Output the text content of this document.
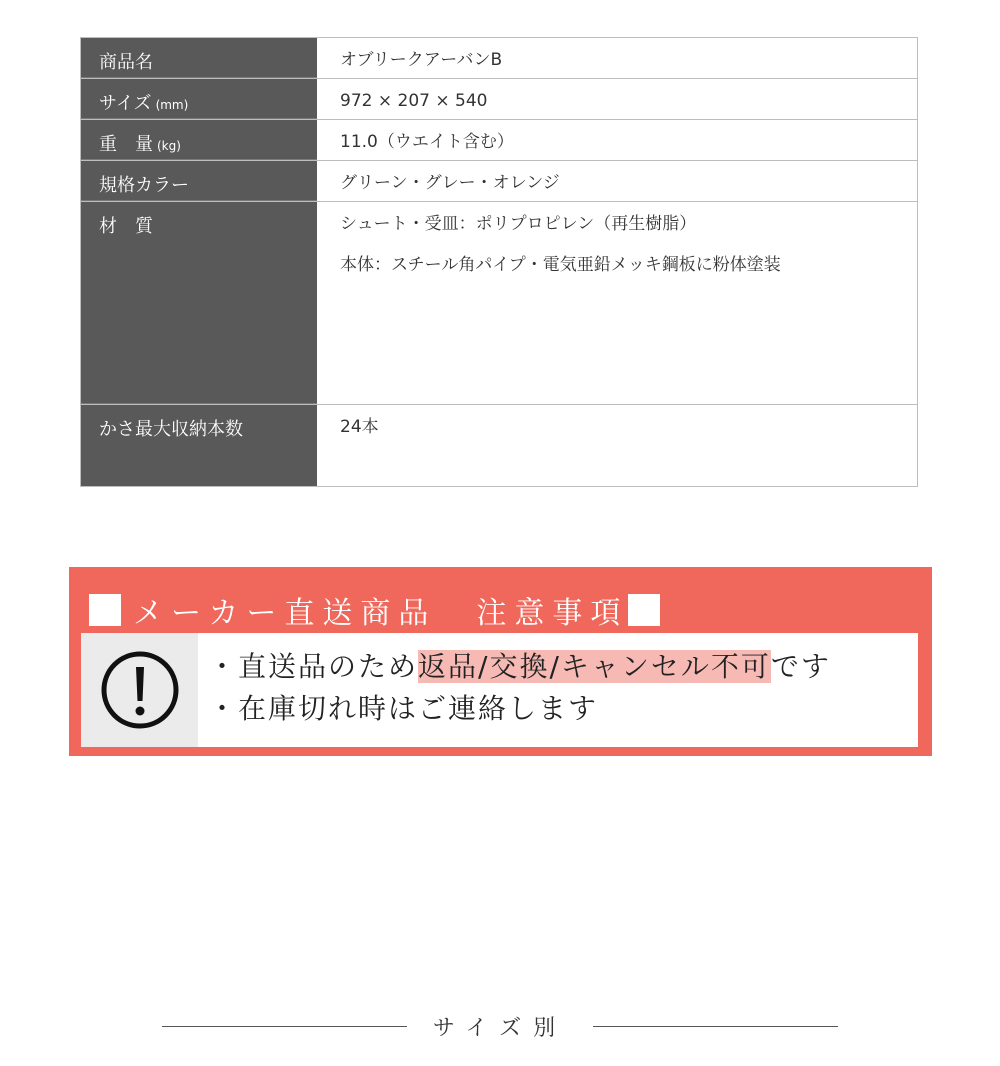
商品名	オブリークアーバンB
サイズ (mm)	972 × 207 × 540
重　量 (kg)	11.0（ウエイト含む）
規格カラー	グリーン・グレー・オレンジ
材　質	シュート・受皿：ポリプロピレン（再生樹脂）
本体：スチール角パイプ・電気亜鉛メッキ鋼板に粉体塗装
かさ最大収納本数	24本
メーカー直送商品 注意事項
・直送品のため返品/交換/キャンセル不可です
・在庫切れ時はご連絡します
サイズ別
